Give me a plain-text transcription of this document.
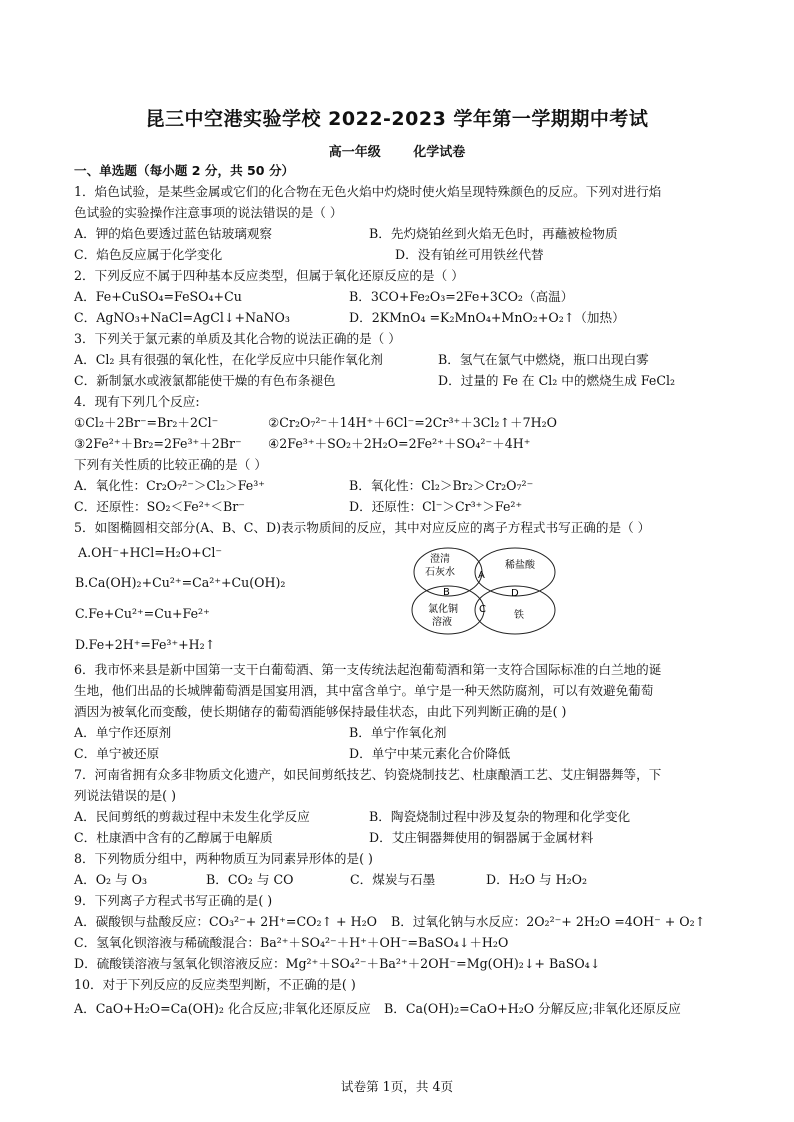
昆三中空港实验学校 2022-2023 学年第一学期期中考试
高一年级	化学试卷
一、单选题（每小题 2 分，共 50 分）
1．焰色试验，是某些金属或它们的化合物在无色火焰中灼烧时使火焰呈现特殊颜色的反应。下列对进行焰
色试验的实验操作注意事项的说法错误的是（ ）
A．钾的焰色要透过蓝色钴玻璃观察	B．先灼烧铂丝到火焰无色时，再蘸被检物质
C．焰色反应属于化学变化	D．没有铂丝可用铁丝代替
2．下列反应不属于四种基本反应类型，但属于氧化还原反应的是（ ）
A．Fe+CuSO₄=FeSO₄+Cu	B．3CO+Fe₂O₃=2Fe+3CO₂（高温）
C．AgNO₃+NaCl=AgCl↓+NaNO₃	D．2KMnO₄ =K₂MnO₄+MnO₂+O₂↑（加热）
3．下列关于氯元素的单质及其化合物的说法正确的是（ ）
A．Cl₂ 具有很强的氧化性，在化学反应中只能作氧化剂	B．氢气在氯气中燃烧，瓶口出现白雾
C．新制氯水或液氯都能使干燥的有色布条褪色	D．过量的 Fe 在 Cl₂ 中的燃烧生成 FeCl₂
4．现有下列几个反应:
①Cl₂＋2Br⁻=Br₂＋2Cl⁻	②Cr₂O₇²⁻＋14H⁺＋6Cl⁻=2Cr³⁺＋3Cl₂↑＋7H₂O
③2Fe²⁺＋Br₂=2Fe³⁺＋2Br⁻ ④2Fe³⁺＋SO₂＋2H₂O=2Fe²⁺＋SO₄²⁻＋4H⁺
下列有关性质的比较正确的是（ ）
A．氧化性：Cr₂O₇²⁻＞Cl₂＞Fe³⁺	B．氧化性：Cl₂＞Br₂＞Cr₂O₇²⁻
C．还原性：SO₂＜Fe²⁺＜Br⁻	D．还原性：Cl⁻＞Cr³⁺＞Fe²⁺
5．如图椭圆相交部分(A、B、C、D)表示物质间的反应，其中对应反应的离子方程式书写正确的是（ ）
A.OH⁻+HCl=H₂O+Cl⁻
B.Ca(OH)₂+Cu²⁺=Ca²⁺+Cu(OH)₂
C.Fe+Cu²⁺=Cu+Fe²⁺
D.Fe+2H⁺=Fe³⁺+H₂↑
澄清
石灰水
稀盐酸
氯化铜
溶液
铁
A
B
C
D
6．我市怀来县是新中国第一支干白葡萄酒、第一支传统法起泡葡萄酒和第一支符合国际标准的白兰地的诞
生地，他们出品的长城牌葡萄酒是国宴用酒，其中富含单宁。单宁是一种天然防腐剂，可以有效避免葡萄
酒因为被氧化而变酸，使长期储存的葡萄酒能够保持最佳状态，由此下列判断正确的是( )
A．单宁作还原剂	B．单宁作氧化剂
C．单宁被还原	D．单宁中某元素化合价降低
7．河南省拥有众多非物质文化遗产，如民间剪纸技艺、钧瓷烧制技艺、杜康酿酒工艺、艾庄铜器舞等，下
列说法错误的是( )
A．民间剪纸的剪裁过程中未发生化学反应	B．陶瓷烧制过程中涉及复杂的物理和化学变化
C．杜康酒中含有的乙醇属于电解质	D．艾庄铜器舞使用的铜器属于金属材料
8．下列物质分组中，两种物质互为同素异形体的是( )
A．O₂ 与 O₃	B．CO₂ 与 CO	C．煤炭与石墨	D．H₂O 与 H₂O₂
9．下列离子方程式书写正确的是( )
A．碳酸钡与盐酸反应：CO₃²⁻+ 2H⁺=CO₂↑ + H₂O B．过氧化钠与水反应：2O₂²⁻+ 2H₂O =4OH⁻ + O₂↑
C．氢氧化钡溶液与稀硫酸混合：Ba²⁺＋SO₄²⁻＋H⁺＋OH⁻=BaSO₄↓＋H₂O
D．硫酸镁溶液与氢氧化钡溶液反应：Mg²⁺＋SO₄²⁻＋Ba²⁺＋2OH⁻=Mg(OH)₂↓+ BaSO₄↓
10．对于下列反应的反应类型判断，不正确的是( )
A．CaO+H₂O=Ca(OH)₂ 化合反应;非氧化还原反应 B．Ca(OH)₂=CaO+H₂O 分解反应;非氧化还原反应
试卷第 1页，共 4页
